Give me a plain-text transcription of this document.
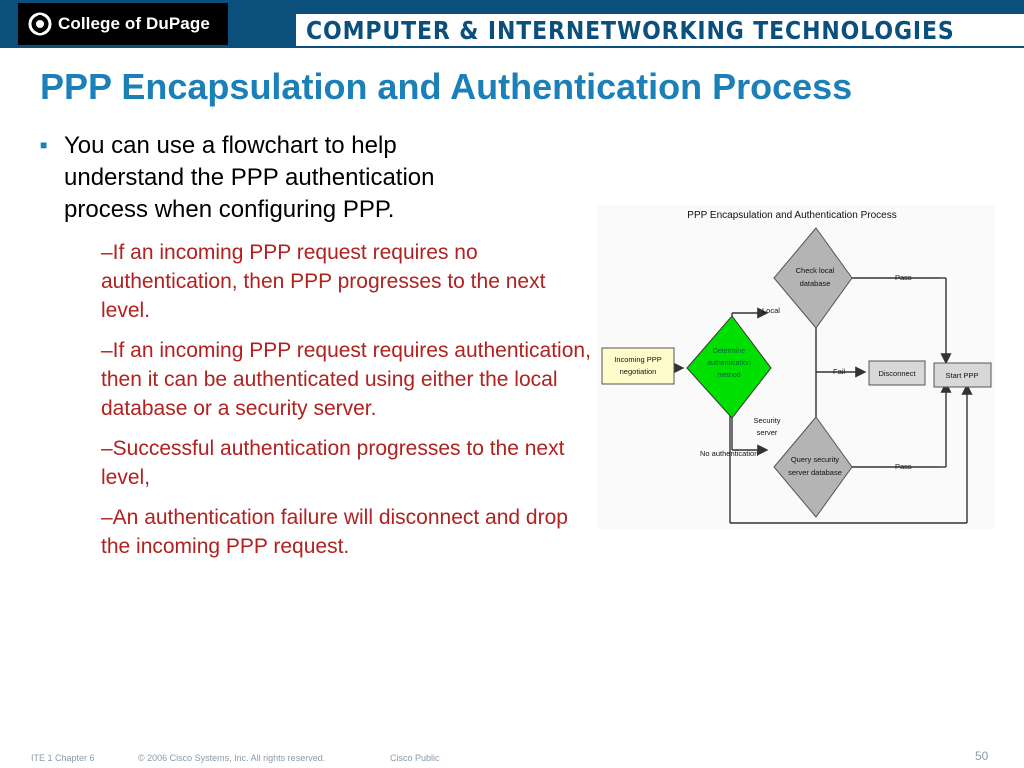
College of DuPage	COMPUTER & INTERNETWORKING TECHNOLOGIES
PPP Encapsulation and Authentication Process
■ You can use a flowchart to help understand the PPP authentication process when configuring PPP.

–If an incoming PPP request requires no authentication, then PPP progresses to the next level.

–If an incoming PPP request requires authentication, then it can be authenticated using either the local database or a security server.

–Successful authentication progresses to the next level,

–An authentication failure will disconnect and drop the incoming PPP request.

PPP Encapsulation and Authentication Process
Incoming PPP
negotiation
Determine
authentication
method
Check local
database
Query security
server database
Disconnect	Start PPP
Local
Security
server
No authentication
Pass
Pass
Fail
ITE 1 Chapter 6	© 2006 Cisco Systems, Inc. All rights reserved.	Cisco Public	50
